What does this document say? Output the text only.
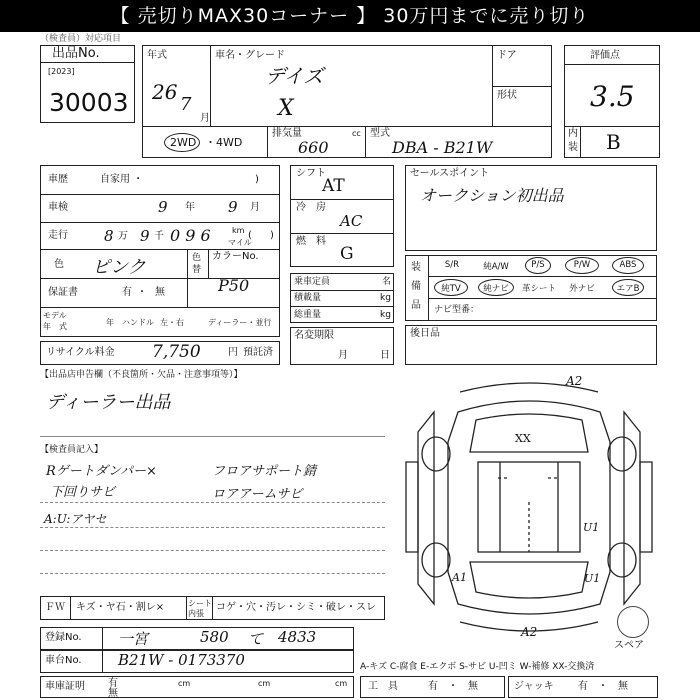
【 売切りMAX30コーナー 】 30万円までに売り切り
（検査員）対応項目
出品No.
[2023]
30003
年式
26
7
月
車名・グレード
デイズ
X
ドア
形状
2WD ・4WD
排気量	cc
660
型式
DBA - B21W
評価点
3.5
内
装 B
車歴	自家用 ・	)
車検	9 年 9 月
走行 8 万 9 千 0 9 6	km
マイル
( )
色 ピンク	色
替
カラーNo.
P50
保証書	有 ・ 無
モデル
年　式	年 ハンドル 左・右	ディーラー・並行
リサイクル料金 7,750	円 預託済
シフト
AT
冷 房
AC
燃 料
G
乗車定員	名
積載量	kg
総重量	kg
名変期限
月	日
セールスポイント
オークション初出品
装
備
品
S/R	純A/W	P/S	P/W	ABS
純TV	純ナビ	革シート	外ナビ	エアB
ナビ型番：
後日品
【出品店申告欄（不良箇所・欠品・注意事項等）】
ディーラー出品
【検査員記入】
Rゲートダンパー×	フロアサポート錆
下回りサビ	ロアアームサビ
A:U:アヤセ
A2
XX
U1
U1
A1
A2
スペア
ＦＷ キズ・ヤ石・割レ×	シート
内張
コゲ・穴・汚レ・シミ・破レ・スレ
登録No. 一宮	580 て 4833
車台No. B21W - 0173370	A-キズ C-腐食 E-エクボ S-サビ U-凹ミ W-補修 XX-交換済
車庫証明 有
無
cm	cm	cm 工　具	有　・　無	ジャッキ 有　・　無
